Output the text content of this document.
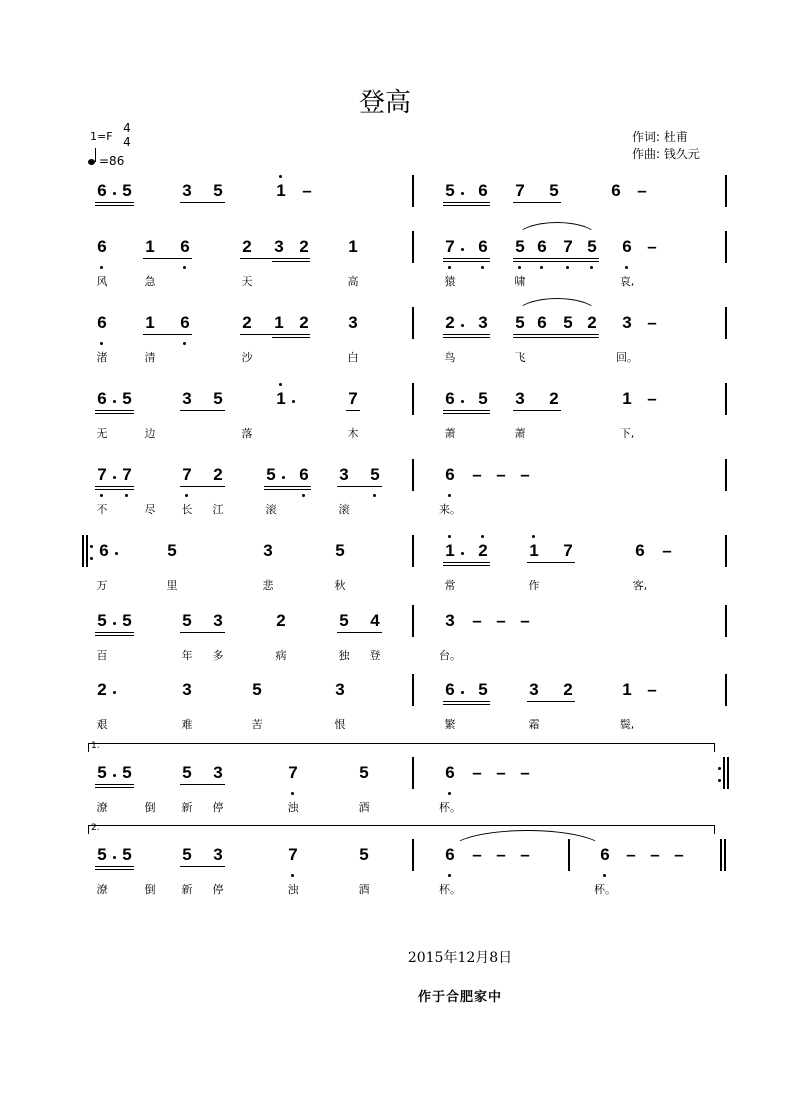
登高
1=F
4
4
=86
作词: 杜甫
作曲: 钱久元
6 5	3 5	1 –	5 6 7 5	6 –
6 1 6	2 3 2 1	7 6 5 6 7 5 6 –
6 1 6	2 1 2 3	2 3 5 6 5 2 3 –
6 5	3 5	1	7	6 5 3 2	1 –
7 7	7 2	5 6 3 5	6 – – –
6	5	3	5	1 2 1 7	6 –
5 5	5 3	2	5 4	3 – – –
2	3	5	3	6 5 3 2	1 –
1.
5 5	5 3	7	5	6 – – –
2.
5 5	5 3	7	5	6 – – –	6 – – –
风	急	天	高	猿	啸	哀,
渚	清	沙	白	鸟	飞	回。
无	边	落	木	萧	萧	下,
不	尽	长	江	滚	滚	来。
万	里	悲	秋	常	作	客,
百	年	多	病	独	登	台。
艰	难	苦	恨	繁	霜	鬓,
潦	倒	新	停	浊	酒	杯。
潦	倒	新	停	浊	酒	杯。	杯。
2015年12月8日
作于合肥家中
